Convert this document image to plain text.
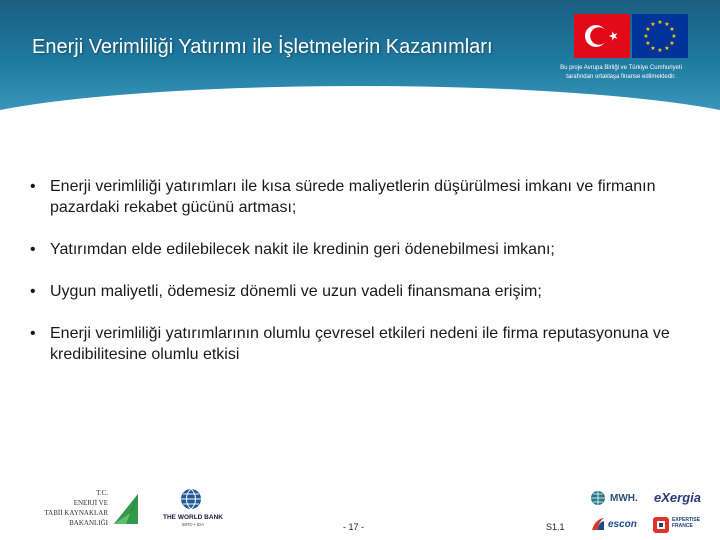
Enerji Verimliliği Yatırımı ile İşletmelerin Kazanımları
★ ★
★
★
★
★
★
★
★
★
★
★
Bu proje Avrupa Birliği ve Türkiye Cumhuriyeti
tarafından ortaklaşa finanse edilmektedir.
• Enerji verimliliği yatırımları ile kısa sürede maliyetlerin düşürülmesi imkanı ve firmanın pazardaki rekabet gücünü artması;
• Yatırımdan elde edilebilecek nakit ile kredinin geri ödenebilmesi imkanı;
• Uygun maliyetli, ödemesiz dönemli ve uzun vadeli finansmana erişim;
• Enerji verimliliği yatırımlarının olumlu çevresel etkileri nedeni ile firma reputasyonuna ve kredibilitesine olumlu etkisi
T.C.
ENERJİ VE
TABİİ KAYNAKLAR
BAKANLIĞI
THE WORLD BANK
IBRD • IDA	- 17 -	S1.1
MWH. eXergia
escon	EXPERTISE
FRANCE
